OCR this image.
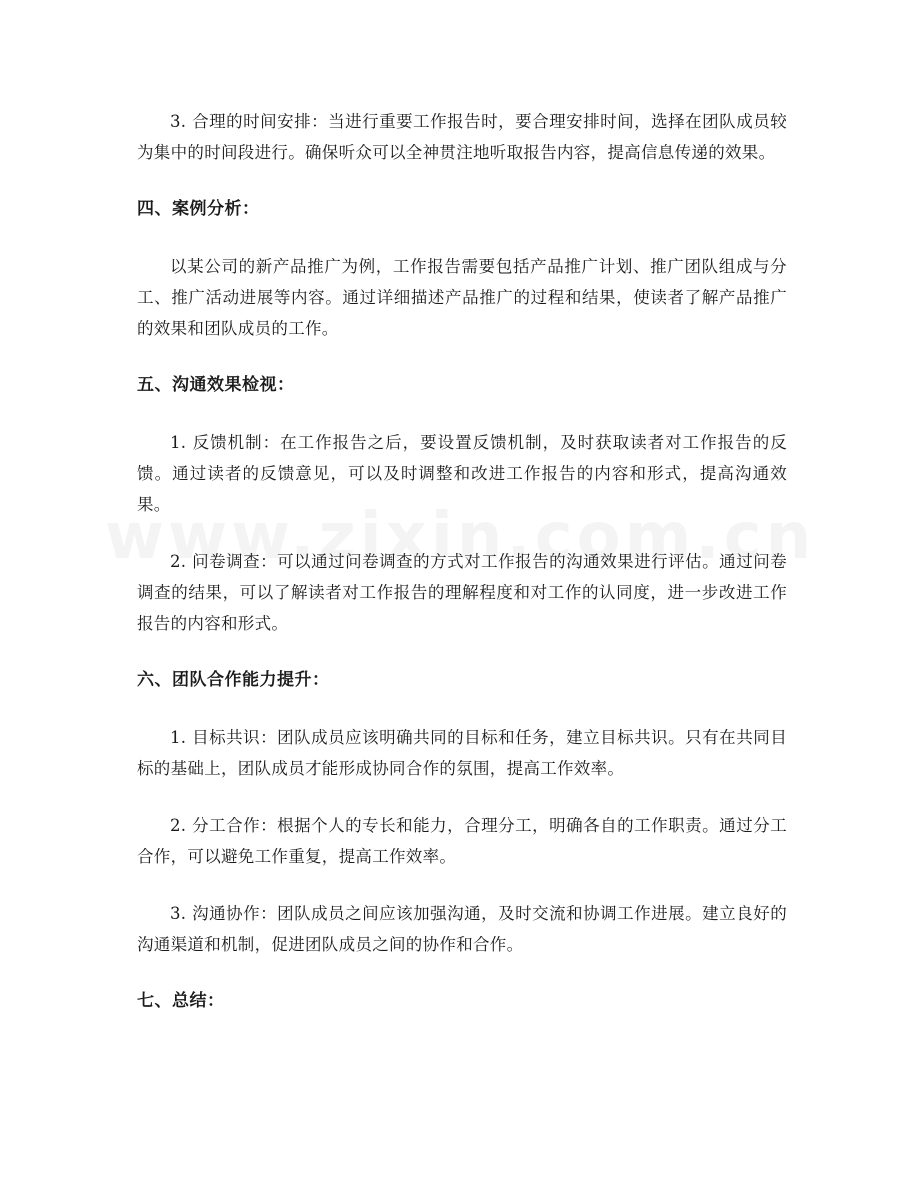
3. 合理的时间安排：当进行重要工作报告时，要合理安排时间，选择在团队成员较为集中的时间段进行。确保听众可以全神贯注地听取报告内容，提高信息传递的效果。

四、案例分析：

以某公司的新产品推广为例，工作报告需要包括产品推广计划、推广团队组成与分工、推广活动进展等内容。通过详细描述产品推广的过程和结果，使读者了解产品推广的效果和团队成员的工作。

五、沟通效果检视：

1. 反馈机制：在工作报告之后，要设置反馈机制，及时获取读者对工作报告的反馈。通过读者的反馈意见，可以及时调整和改进工作报告的内容和形式，提高沟通效果。

2. 问卷调查：可以通过问卷调查的方式对工作报告的沟通效果进行评估。通过问卷调查的结果，可以了解读者对工作报告的理解程度和对工作的认同度，进一步改进工作报告的内容和形式。

六、团队合作能力提升：

1. 目标共识：团队成员应该明确共同的目标和任务，建立目标共识。只有在共同目标的基础上，团队成员才能形成协同合作的氛围，提高工作效率。

2. 分工合作：根据个人的专长和能力，合理分工，明确各自的工作职责。通过分工合作，可以避免工作重复，提高工作效率。

3. 沟通协作：团队成员之间应该加强沟通，及时交流和协调工作进展。建立良好的沟通渠道和机制，促进团队成员之间的协作和合作。

七、总结：
